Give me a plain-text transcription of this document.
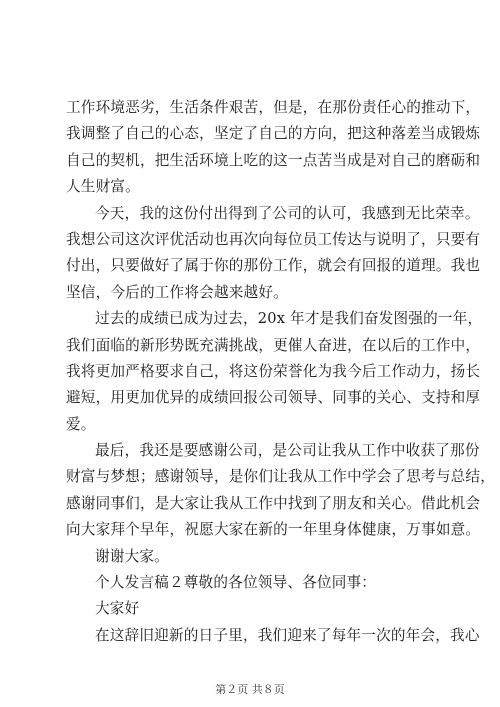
工作环境恶劣，生活条件艰苦，但是，在那份责任心的推动下，
我调整了自己的心态，坚定了自己的方向，把这种落差当成锻炼
自己的契机，把生活环境上吃的这一点苦当成是对自己的磨砺和
人生财富。
今天，我的这份付出得到了公司的认可，我感到无比荣幸。
我想公司这次评优活动也再次向每位员工传达与说明了，只要有
付出，只要做好了属于你的那份工作，就会有回报的道理。我也
坚信，今后的工作将会越来越好。
过去的成绩已成为过去，20x 年才是我们奋发图强的一年，
我们面临的新形势既充满挑战，更催人奋进，在以后的工作中，
我将更加严格要求自己，将这份荣誉化为我今后工作动力，扬长
避短，用更加优异的成绩回报公司领导、同事的关心、支持和厚
爱。
最后，我还是要感谢公司，是公司让我从工作中收获了那份
财富与梦想；感谢领导，是你们让我从工作中学会了思考与总结，
感谢同事们，是大家让我从工作中找到了朋友和关心。借此机会
向大家拜个早年，祝愿大家在新的一年里身体健康，万事如意。
谢谢大家。
个人发言稿２尊敬的各位领导、各位同事：
大家好
在这辞旧迎新的日子里，我们迎来了每年一次的年会，我心
第２页 共８页
